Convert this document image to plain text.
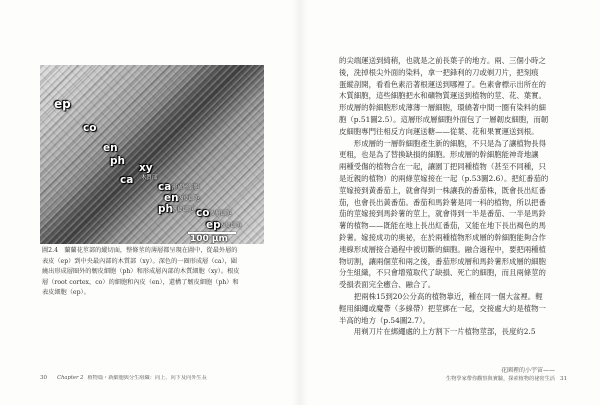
ep
co
en
ph
ca
xy
木質部
ca 形成層細胞
en 內皮細胞
ph 韌皮細胞 co 皮層細胞
ep 表皮細胞
100 μm
圖2.4　蘭蘭花莖部的縱切面，整條莖的薄層都呈現在圖中，從最外層的
表皮（ep）到中央最內部的木質部（xy）。深色的一圈形成層（ca），圍
繞出形成層圈外的韌皮細胞（ph）和形成層內部的木質細胞（xy）。根皮
層（root cortex，co）的細胞和內皮（en），還構了韌皮細胞（ph）和
表皮細胞（ep）。
30 Chapter 2 植物篇・新細胞與分生組織：向上、向下及向外生長
的尖端運送到綺稍，也就是之前長葉子的地方。兩、三個小時之
後，洗掉根尖外面的染料，拿一把鋒利的刀或剃刀片，把刻痕
蛋縱剖開，看看色素沿著根運送到哪裡了。色素會標示出所在的
木質細胞，這些細胞把水和礦物質運送到植物的莖、花、葉實。
形成層的幹細胞形成薄薄一層細胞，環繞著中間一圈有染料的細
胞（p.51圖2.5）。這層形成層細胞外面包了一層韌皮細胞，而韌
皮細胞專門往相反方向運送糖——從葉、花和果實運送到根。
形成層的一層幹細胞產生新的細胞，不只是為了讓植物長得
更粗，也是為了替換缺損的細胞。形成層的幹細胞能神奇地讓
兩種受傷的植物合在一起，讓園丁把同種植物（甚至不同種，只
是近親的植物）的兩條莖嫁接在一起（p.53圖2.6）。把紅番茄的
莖嫁接到黃番茄上，就會得到一株讓我的番茄株，既會長出紅番
茄，也會長出黃番茄。番茄和馬鈴薯是同一科的植物，所以把番
茄的莖嫁接到馬鈴薯的莖上，就會得到一半是番茄、一半是馬鈴
薯的植物——既能在地上長出紅番茄，又能在地下長出褐色的馬
鈴薯。嫁接成功的奧祕，在於兩種植物形成層的幹細胞能夠合作
連線形成層接合過程中被切斷的細胞。融合過程中，要把兩種植
物切割，讓兩個莖和兩之後，番茄形成層和馬鈴薯形成層的細胞
分生組織，不只會增殖取代了缺損、死亡的細胞，而且兩條莖的
受損表面完全癒合、融合了。
把兩株15到20公分高的植物靠近，種在同一個大盆裡。輕
輕用細繩或魔帶（多線帶）把莖綁在一起，交接處大約是植物一
半高的地方（p.54圖2.7）。
用剃刀片在綁繩處的上方割下一片植物莖部，長度約2.5
花園裡的小宇宙——
生物學家帶你觀察與實驗，探索植物的祕密生活 31
